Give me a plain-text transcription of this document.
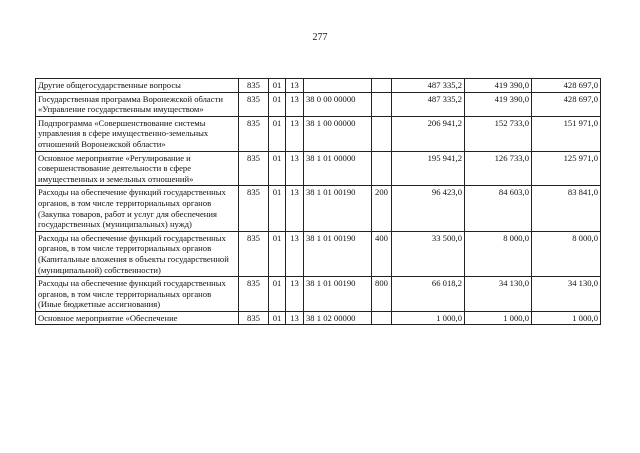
277
Другие общегосударственные вопросы	835	01	13			487 335,2	419 390,0	428 697,0
Государственная программа Воронежской области «Управление государственным имуществом»	835	01	13	38 0 00 00000		487 335,2	419 390,0	428 697,0
Подпрограмма «Совершенствование системы управления в сфере имущественно-земельных отношений Воронежской области»	835	01	13	38 1 00 00000		206 941,2	152 733,0	151 971,0
Основное мероприятие «Регулирование и совершенствование деятельности в сфере имущественных и земельных отношений»	835	01	13	38 1 01 00000		195 941,2	126 733,0	125 971,0
Расходы на обеспечение функций государственных органов, в том числе территориальных органов (Закупка товаров, работ и услуг для обеспечения государственных (муниципальных) нужд)	835	01	13	38 1 01 00190	200	96 423,0	84 603,0	83 841,0
Расходы на обеспечение функций государственных органов, в том числе территориальных органов (Капитальные вложения в объекты государственной (муниципальной) собственности)	835	01	13	38 1 01 00190	400	33 500,0	8 000,0	8 000,0
Расходы на обеспечение функций государственных органов, в том числе территориальных органов (Иные бюджетные ассигнования)	835	01	13	38 1 01 00190	800	66 018,2	34 130,0	34 130,0
Основное мероприятие «Обеспечение	835	01	13	38 1 02 00000		1 000,0	1 000,0	1 000,0
